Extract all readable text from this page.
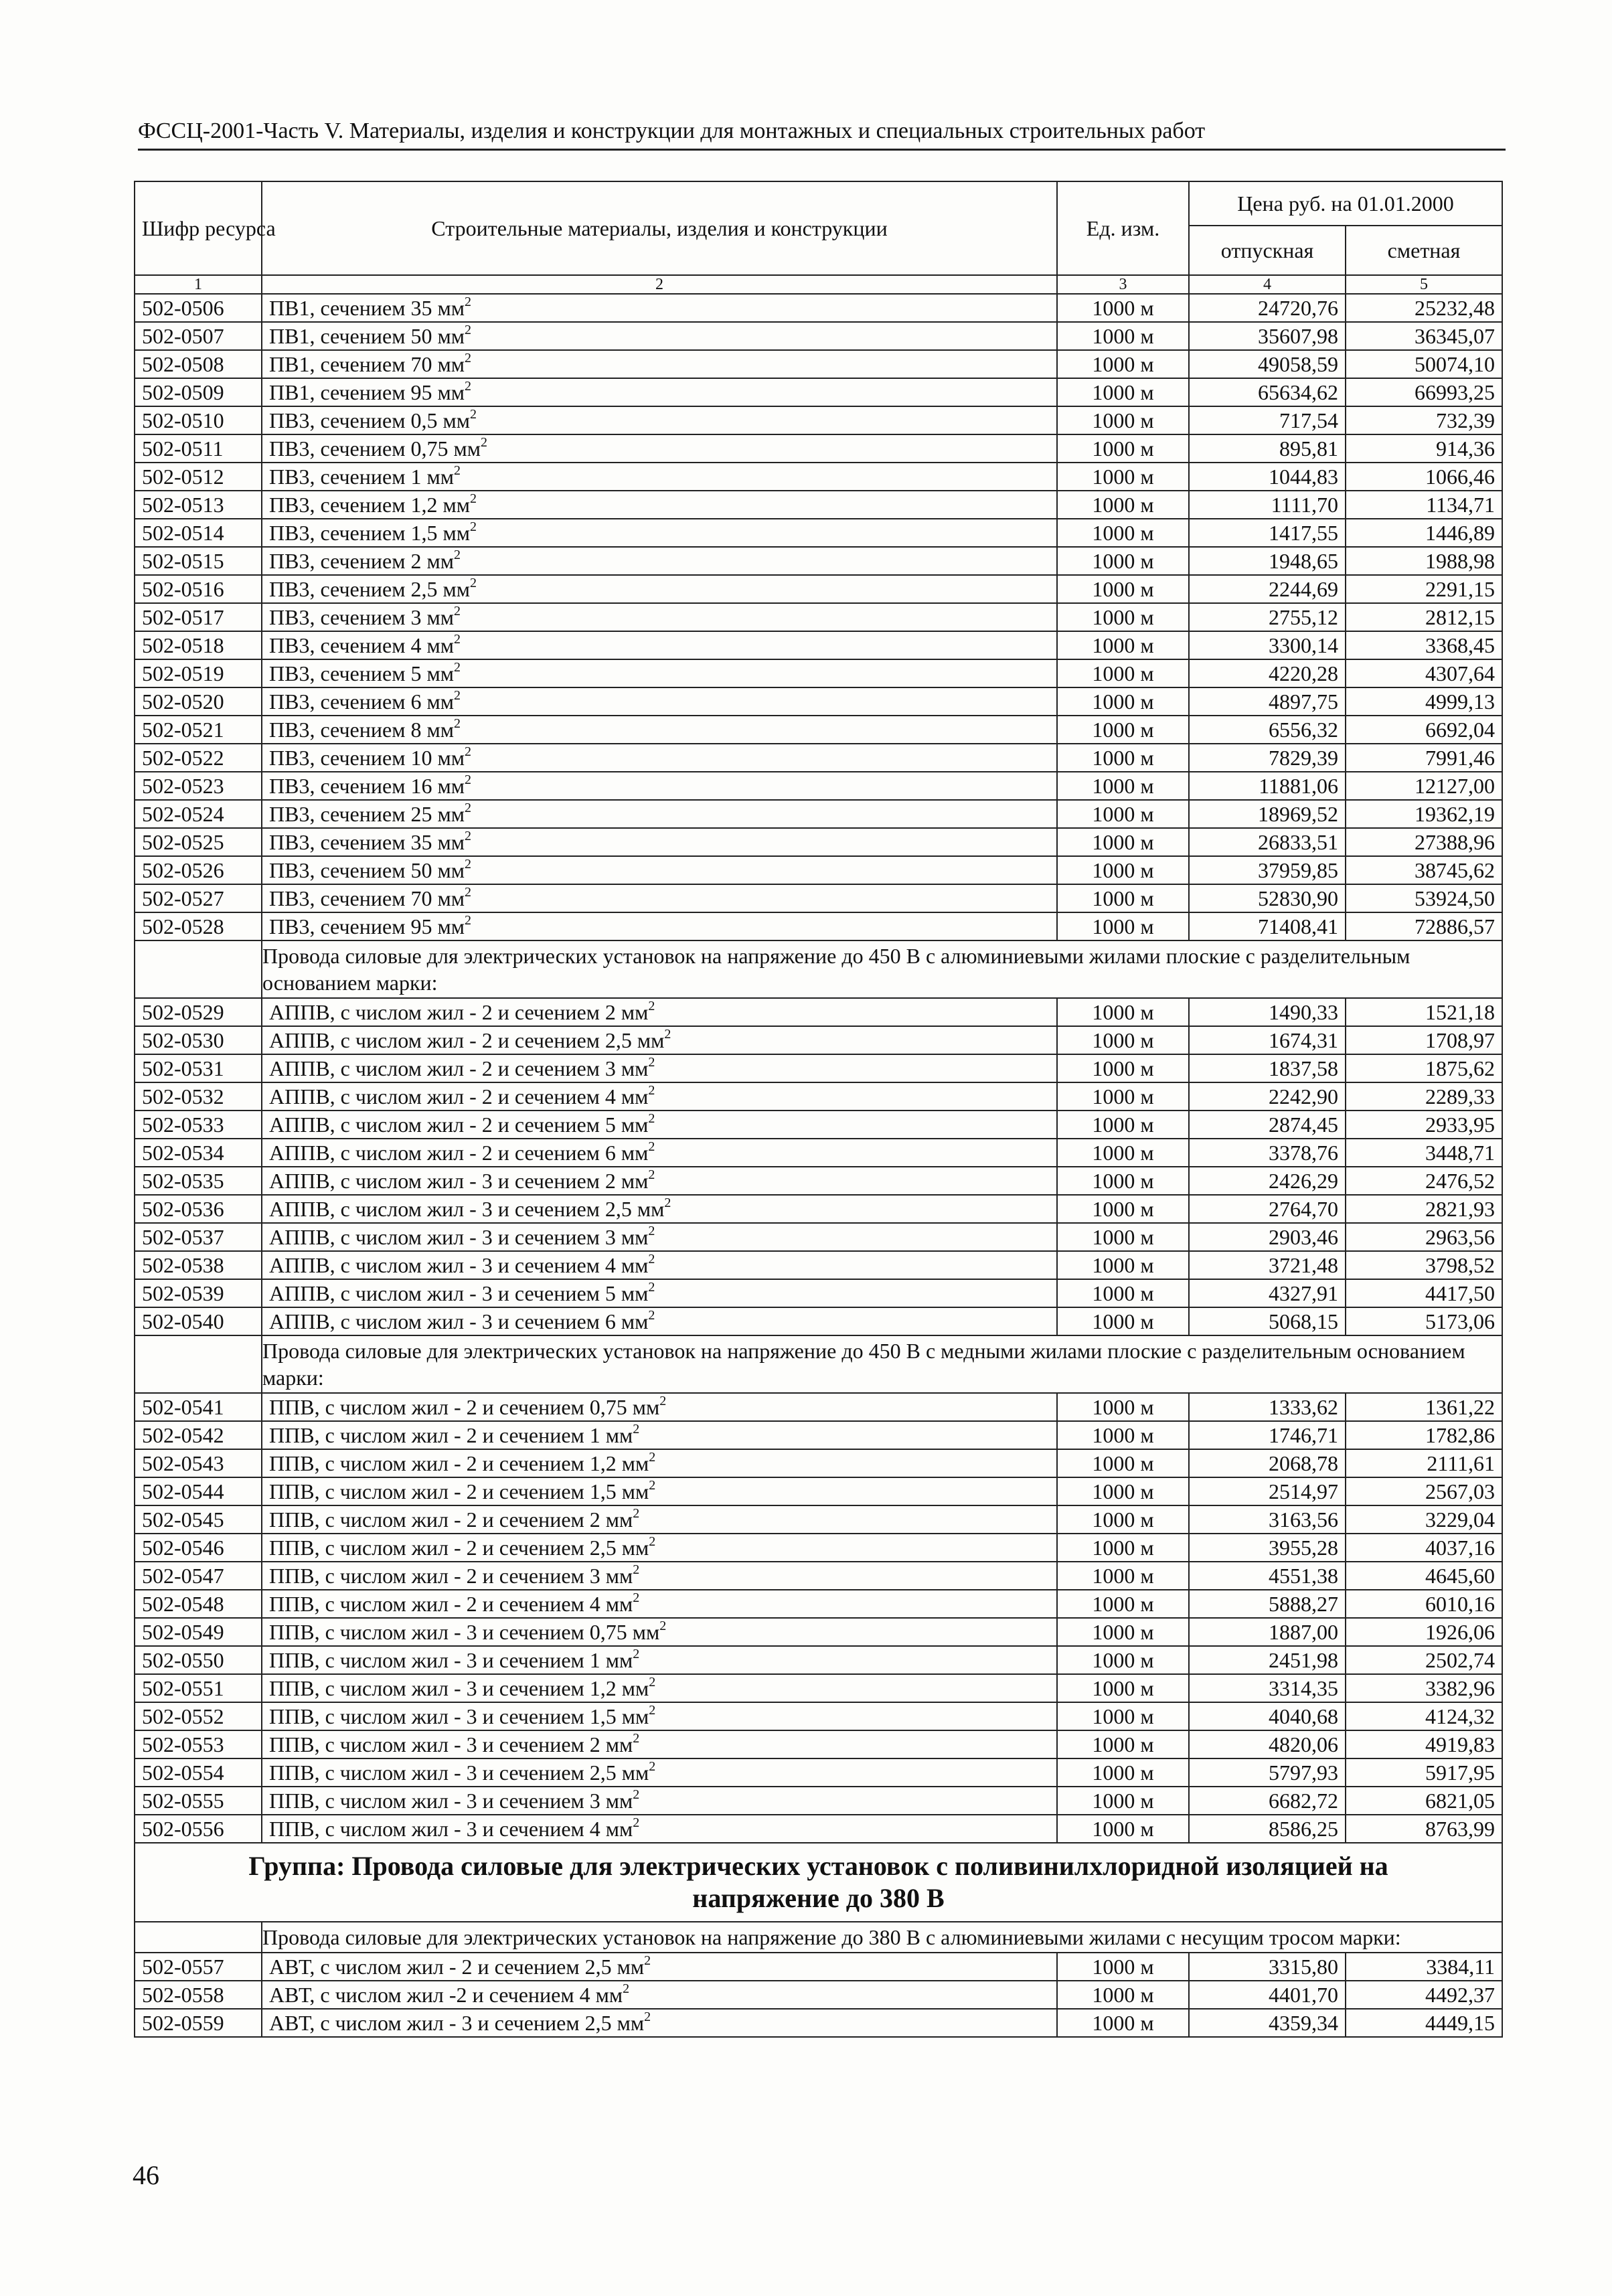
ФССЦ-2001-Часть V. Материалы, изделия и конструкции для монтажных и специальных строительных работ
Шифр ресурса	Строительные материалы, изделия и конструкции	Ед. изм.	Цена руб. на 01.01.2000	
			отпускная	сметная
1	2	3	4	5
502-0506	ПВ1, сечением 35 $мм^2$	1000 м	24720,76	25232,48
502-0507	ПВ1, сечением 50 $мм^2$	1000 м	35607,98	36345,07
502-0508	ПВ1, сечением 70 $мм^2$	1000 м	49058,59	50074,10
502-0509	ПВ1, сечением 95 $мм^2$	1000 м	65634,62	66993,25
502-0510	ПВ3, сечением 0,5 $мм^2$	1000 м	717,54	732,39
502-0511	ПВ3, сечением 0,75 $мм^2$	1000 м	895,81	914,36
502-0512	ПВ3, сечением 1 $мм^2$	1000 м	1044,83	1066,46
502-0513	ПВ3, сечением 1,2 $мм^2$	1000 м	1111,70	1134,71
502-0514	ПВ3, сечением 1,5 $мм^2$	1000 м	1417,55	1446,89
502-0515	ПВ3, сечением 2 $мм^2$	1000 м	1948,65	1988,98
502-0516	ПВ3, сечением 2,5 $мм^2$	1000 м	2244,69	2291,15
502-0517	ПВ3, сечением 3 $мм^2$	1000 м	2755,12	2812,15
502-0518	ПВ3, сечением 4 $мм^2$	1000 м	3300,14	3368,45
502-0519	ПВ3, сечением 5 $мм^2$	1000 м	4220,28	4307,64
502-0520	ПВ3, сечением 6 $мм^2$	1000 м	4897,75	4999,13
502-0521	ПВ3, сечением 8 $мм^2$	1000 м	6556,32	6692,04
502-0522	ПВ3, сечением 10 $мм^2$	1000 м	7829,39	7991,46
502-0523	ПВ3, сечением 16 $мм^2$	1000 м	11881,06	12127,00
502-0524	ПВ3, сечением 25 $мм^2$	1000 м	18969,52	19362,19
502-0525	ПВ3, сечением 35 $мм^2$	1000 м	26833,51	27388,96
502-0526	ПВ3, сечением 50 $мм^2$	1000 м	37959,85	38745,62
502-0527	ПВ3, сечением 70 $мм^2$	1000 м	52830,90	53924,50
502-0528	ПВ3, сечением 95 $мм^2$	1000 м	71408,41	72886,57
	Провода силовые для электрических установок на напряжение до 450 В с алюминиевыми жилами плоские с разделительным основанием марки:			
502-0529	АППВ, с числом жил - 2 и сечением 2 $мм^2$	1000 м	1490,33	1521,18
502-0530	АППВ, с числом жил - 2 и сечением 2,5 $мм^2$	1000 м	1674,31	1708,97
502-0531	АППВ, с числом жил - 2 и сечением 3 $мм^2$	1000 м	1837,58	1875,62
502-0532	АППВ, с числом жил - 2 и сечением 4 $мм^2$	1000 м	2242,90	2289,33
502-0533	АППВ, с числом жил - 2 и сечением 5 $мм^2$	1000 м	2874,45	2933,95
502-0534	АППВ, с числом жил - 2 и сечением 6 $мм^2$	1000 м	3378,76	3448,71
502-0535	АППВ, с числом жил - 3 и сечением 2 $мм^2$	1000 м	2426,29	2476,52
502-0536	АППВ, с числом жил - 3 и сечением 2,5 $мм^2$	1000 м	2764,70	2821,93
502-0537	АППВ, с числом жил - 3 и сечением 3 $мм^2$	1000 м	2903,46	2963,56
502-0538	АППВ, с числом жил - 3 и сечением 4 $мм^2$	1000 м	3721,48	3798,52
502-0539	АППВ, с числом жил - 3 и сечением 5 $мм^2$	1000 м	4327,91	4417,50
502-0540	АППВ, с числом жил - 3 и сечением 6 $мм^2$	1000 м	5068,15	5173,06
	Провода силовые для электрических установок на напряжение до 450 В с медными жилами плоские с разделительным основанием марки:			
502-0541	ППВ, с числом жил - 2 и сечением 0,75 $мм^2$	1000 м	1333,62	1361,22
502-0542	ППВ, с числом жил - 2 и сечением 1 $мм^2$	1000 м	1746,71	1782,86
502-0543	ППВ, с числом жил - 2 и сечением 1,2 $мм^2$	1000 м	2068,78	2111,61
502-0544	ППВ, с числом жил - 2 и сечением 1,5 $мм^2$	1000 м	2514,97	2567,03
502-0545	ППВ, с числом жил - 2 и сечением 2 $мм^2$	1000 м	3163,56	3229,04
502-0546	ППВ, с числом жил - 2 и сечением 2,5 $мм^2$	1000 м	3955,28	4037,16
502-0547	ППВ, с числом жил - 2 и сечением 3 $мм^2$	1000 м	4551,38	4645,60
502-0548	ППВ, с числом жил - 2 и сечением 4 $мм^2$	1000 м	5888,27	6010,16
502-0549	ППВ, с числом жил - 3 и сечением 0,75 $мм^2$	1000 м	1887,00	1926,06
502-0550	ППВ, с числом жил - 3 и сечением 1 $мм^2$	1000 м	2451,98	2502,74
502-0551	ППВ, с числом жил - 3 и сечением 1,2 $мм^2$	1000 м	3314,35	3382,96
502-0552	ППВ, с числом жил - 3 и сечением 1,5 $мм^2$	1000 м	4040,68	4124,32
502-0553	ППВ, с числом жил - 3 и сечением 2 $мм^2$	1000 м	4820,06	4919,83
502-0554	ППВ, с числом жил - 3 и сечением 2,5 $мм^2$	1000 м	5797,93	5917,95
502-0555	ППВ, с числом жил - 3 и сечением 3 $мм^2$	1000 м	6682,72	6821,05
502-0556	ППВ, с числом жил - 3 и сечением 4 $мм^2$	1000 м	8586,25	8763,99
Группа: Провода силовые для электрических установок с поливинилхлоридной изоляцией на напряжение до 380 В				
	Провода силовые для электрических установок на напряжение до 380 В с алюминиевыми жилами с несущим тросом марки:			
502-0557	АВТ, с числом жил - 2 и сечением 2,5 $мм^2$	1000 м	3315,80	3384,11
502-0558	АВТ, с числом жил -2 и сечением 4 $мм^2$	1000 м	4401,70	4492,37
502-0559	АВТ, с числом жил - 3 и сечением 2,5 $мм^2$	1000 м	4359,34	4449,15
46
